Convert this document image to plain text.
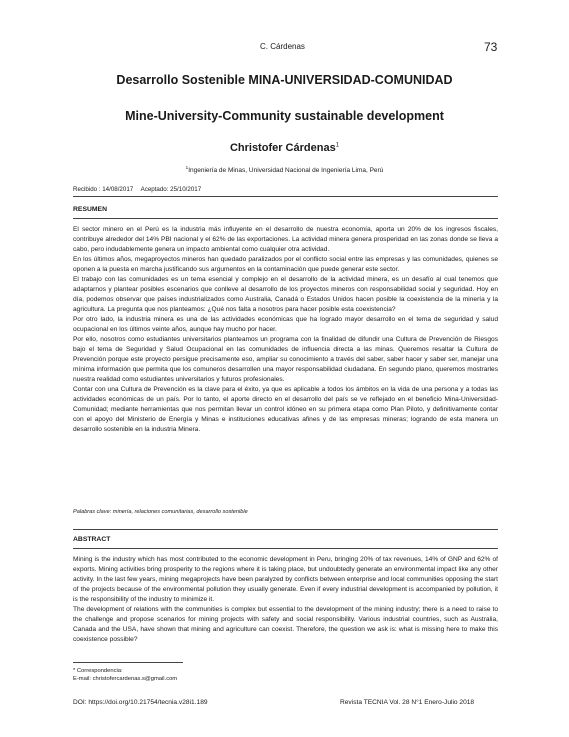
C. Cárdenas	73
Desarrollo Sostenible MINA-UNIVERSIDAD-COMUNIDAD
Mine-University-Community sustainable development
Christofer Cárdenas$^1$
$^1$Ingeniería de Minas, Universidad Nacional de Ingeniería Lima, Perú
Recibido : 14/08/2017 Aceptado: 25/10/2017
RESUMEN

El sector minero en el Perú es la industria más influyente en el desarrollo de nuestra economía, aporta un 20% de los ingresos fiscales, contribuye alrededor del 14% PBI nacional y el 62% de las exportaciones. La actividad minera genera prosperidad en las zonas donde se lleva a cabo, pero indudablemente genera un impacto ambiental como cualquier otra actividad.

En los últimos años, megaproyectos mineros han quedado paralizados por el conflicto social entre las empresas y las comunidades, quienes se oponen a la puesta en marcha justificando sus argumentos en la contaminación que puede generar este sector.

El trabajo con las comunidades es un tema esencial y complejo en el desarrollo de la actividad minera, es un desafío al cual tenemos que adaptarnos y plantear posibles escenarios que conlleve al desarrollo de los proyectos mineros con responsabilidad social y seguridad. Hoy en día, podemos observar que países industrializados como Australia, Canadá o Estados Unidos hacen posible la coexistencia de la minería y la agricultura. La pregunta que nos planteamos: ¿Qué nos falta a nosotros para hacer posible esta coexistencia?

Por otro lado, la industria minera es una de las actividades económicas que ha logrado mayor desarrollo en el tema de seguridad y salud ocupacional en los últimos veinte años, aunque hay mucho por hacer.

Por ello, nosotros como estudiantes universitarios planteamos un programa con la finalidad de difundir una Cultura de Prevención de Riesgos bajo el tema de Seguridad y Salud Ocupacional en las comunidades de influencia directa a las minas. Queremos resaltar la Cultura de Prevención porque este proyecto persigue precisamente eso, ampliar su conocimiento a través del saber, saber hacer y saber ser, manejar una mínima información que permita que los comuneros desarrollen una mayor responsabilidad ciudadana. En segundo plano, queremos mostrarles nuestra realidad como estudiantes universitarios y futuros profesionales.

Contar con una Cultura de Prevención es la clave para el éxito, ya que es aplicable a todos los ámbitos en la vida de una persona y a todas las actividades económicas de un país. Por lo tanto, el aporte directo en el desarrollo del país se ve reflejado en el beneficio Mina-Universidad-Comunidad; mediante herramientas que nos permitan llevar un control idóneo en su primera etapa como Plan Piloto, y definitivamente contar con el apoyo del Ministerio de Energía y Minas e instituciones educativas afines y de las empresas mineras; logrando de esta manera un desarrollo sostenible en la industria Minera.

Palabras clave: minería, relaciones comunitarias, desarrollo sostenible
ABSTRACT

Mining is the industry which has most contributed to the economic development in Peru, bringing 20% of tax revenues, 14% of GNP and 62% of exports. Mining activities bring prosperity to the regions where it is taking place, but undoubtedly generate an environmental impact like any other activity. In the last few years, mining megaprojects have been paralyzed by conflicts between enterprise and local communities opposing the start of the projects because of the environmental pollution they usually generate. Even if every industrial development is accompanied by pollution, it is the responsibility of the industry to minimize it.

The development of relations with the communities is complex but essential to the development of the mining industry; there is a need to raise to the challenge and propose scenarios for mining projects with safety and social responsibility. Various industrial countries, such as Australia, Canada and the USA, have shown that mining and agriculture can coexist. Therefore, the question we ask is: what is missing here to make this coexistence possible?

* Correspondencia:
E-mail: christofercardenas.s@gmail.com
DOI: https://doi.org/10.21754/tecnia.v28i1.189	Revista TECNIA Vol. 28 N°1 Enero-Julio 2018
